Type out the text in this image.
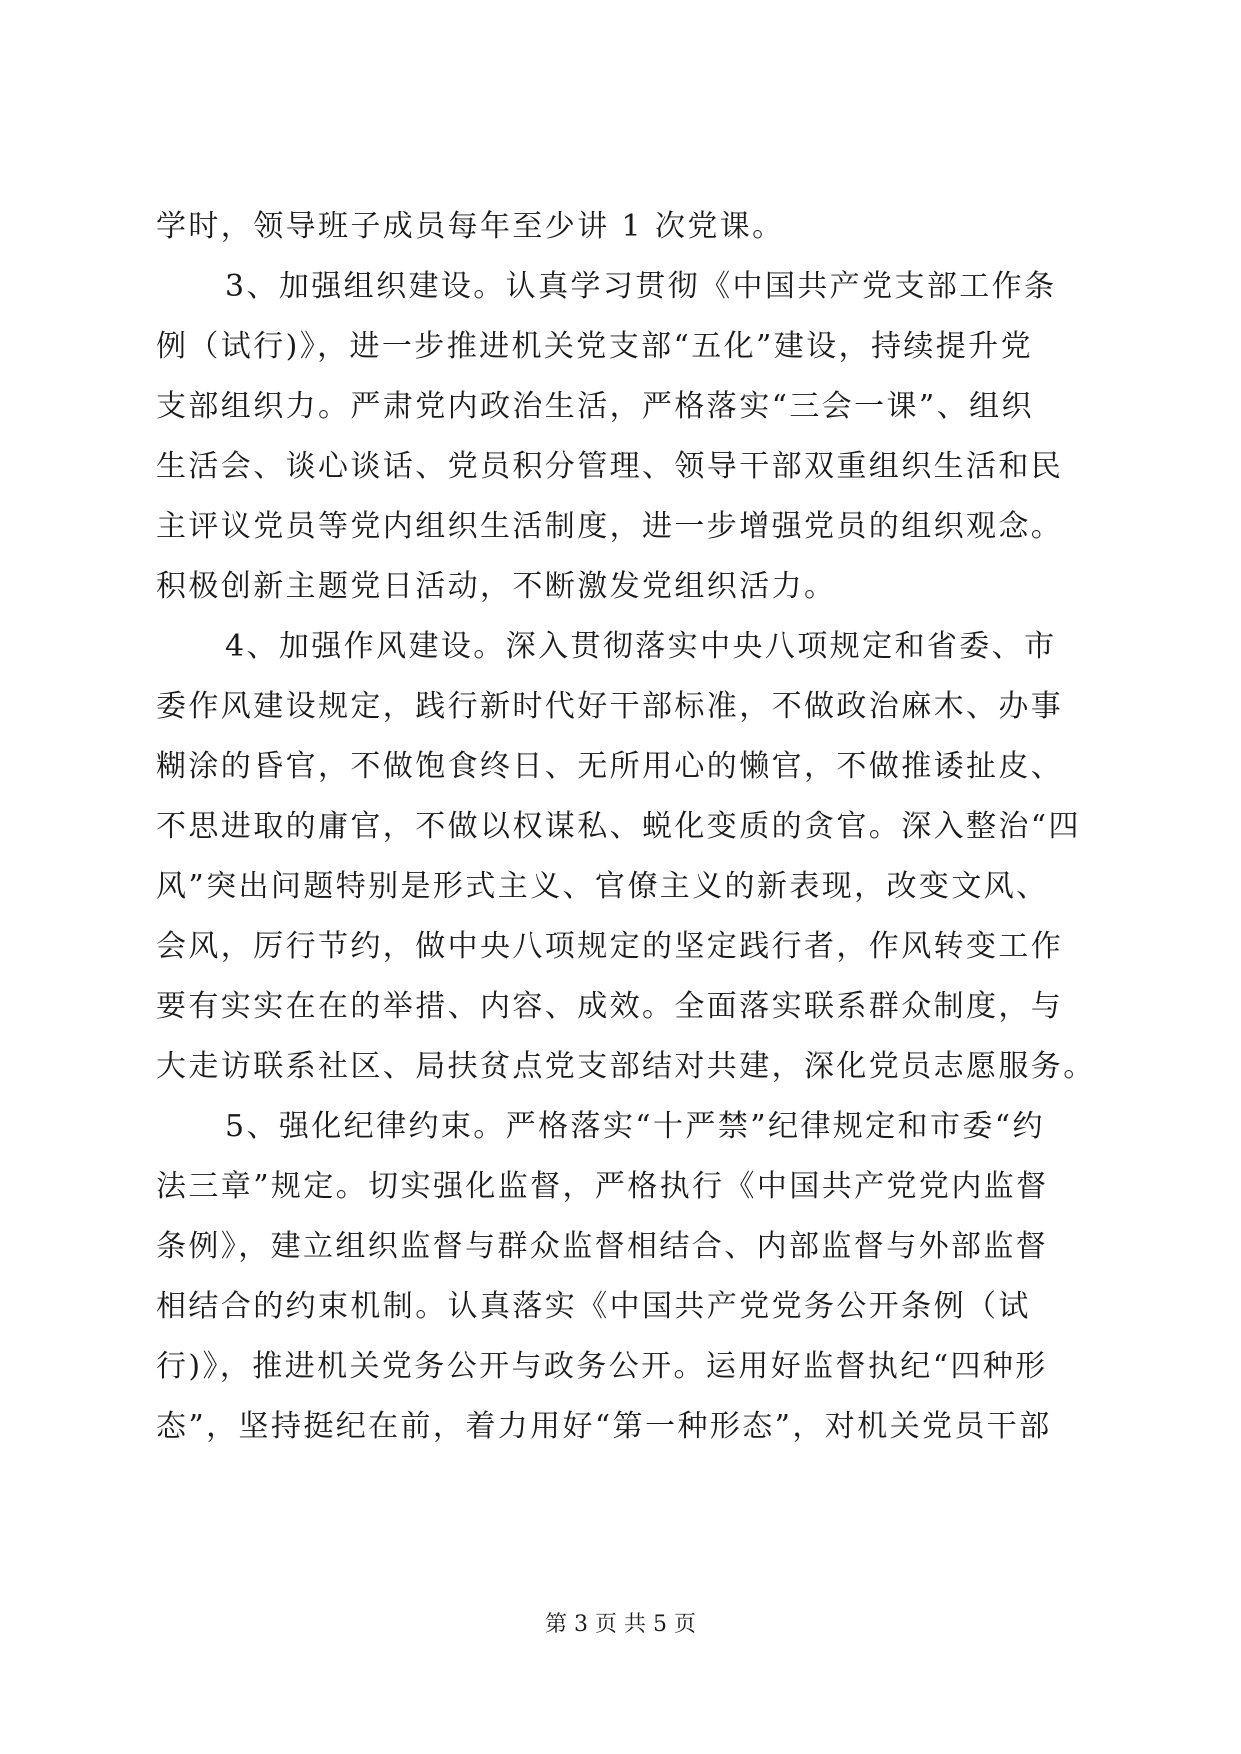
学时，领导班子成员每年至少讲 1 次党课。
3、加强组织建设。认真学习贯彻《中国共产党支部工作条
例（试行)》，进一步推进机关党支部“五化”建设，持续提升党
支部组织力。严肃党内政治生活，严格落实“三会一课”、组织
生活会、谈心谈话、党员积分管理、领导干部双重组织生活和民
主评议党员等党内组织生活制度，进一步增强党员的组织观念。
积极创新主题党日活动，不断激发党组织活力。
4、加强作风建设。深入贯彻落实中央八项规定和省委、市
委作风建设规定，践行新时代好干部标准，不做政治麻木、办事
糊涂的昏官，不做饱食终日、无所用心的懒官，不做推诿扯皮、
不思进取的庸官，不做以权谋私、蜕化变质的贪官。深入整治“四
风”突出问题特别是形式主义、官僚主义的新表现，改变文风、
会风，厉行节约，做中央八项规定的坚定践行者，作风转变工作
要有实实在在的举措、内容、成效。全面落实联系群众制度，与
大走访联系社区、局扶贫点党支部结对共建，深化党员志愿服务。
5、强化纪律约束。严格落实“十严禁”纪律规定和市委“约
法三章”规定。切实强化监督，严格执行《中国共产党党内监督
条例》，建立组织监督与群众监督相结合、内部监督与外部监督
相结合的约束机制。认真落实《中国共产党党务公开条例（试
行)》，推进机关党务公开与政务公开。运用好监督执纪“四种形
态”，坚持挺纪在前，着力用好“第一种形态”，对机关党员干部
第 3 页 共 5 页
